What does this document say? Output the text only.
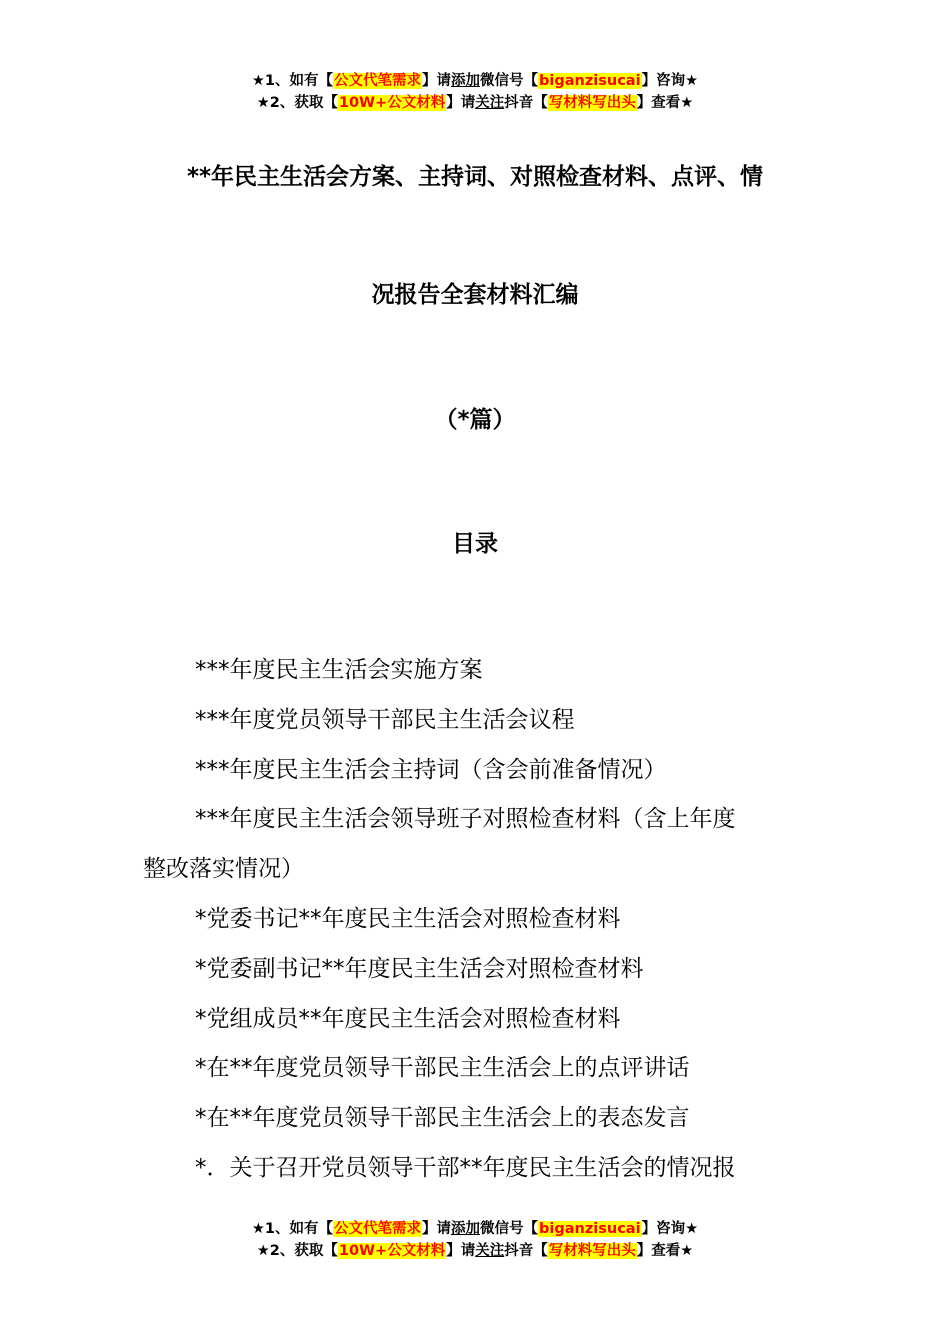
★1、如有【公文代笔需求】请添加微信号【biganzisucai】咨询★
★2、获取【10W+公文材料】请关注抖音【写材料写出头】查看★
**年民主生活会方案、主持词、对照检查材料、点评、情
况报告全套材料汇编
（*篇）
目录
***年度民主生活会实施方案
***年度党员领导干部民主生活会议程
***年度民主生活会主持词（含会前准备情况）
***年度民主生活会领导班子对照检查材料（含上年度
整改落实情况）
*党委书记**年度民主生活会对照检查材料
*党委副书记**年度民主生活会对照检查材料
*党组成员**年度民主生活会对照检查材料
*在**年度党员领导干部民主生活会上的点评讲话
*在**年度党员领导干部民主生活会上的表态发言
*．关于召开党员领导干部**年度民主生活会的情况报
★1、如有【公文代笔需求】请添加微信号【biganzisucai】咨询★
★2、获取【10W+公文材料】请关注抖音【写材料写出头】查看★
